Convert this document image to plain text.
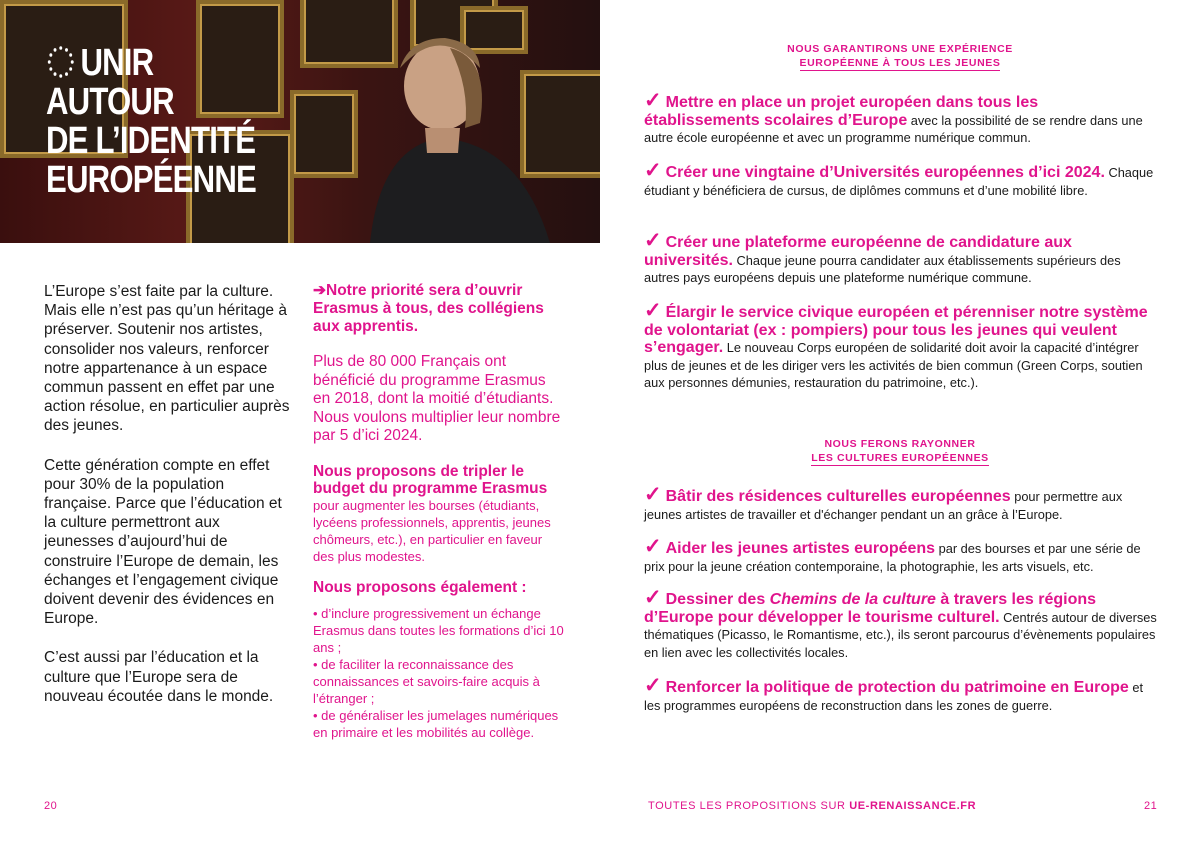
UNIR
AUTOUR
DE L’IDENTITÉ
EUROPÉENNE

L’Europe s’est faite par la culture. Mais elle n’est pas qu’un héritage à préserver. Soutenir nos artistes, consolider nos valeurs, renforcer notre appartenance à un espace commun passent en effet par une action résolue, en particulier auprès des jeunes.

Cette génération compte en effet pour 30% de la population française. Parce que l’éducation et la culture permettront aux jeunesses d’aujourd’hui de construire l’Europe de demain, les échanges et l’engagement civique doivent devenir des évidences en Europe.

C’est aussi par l’éducation et la culture que l’Europe sera de nouveau écoutée dans le monde.

➔Notre priorité sera d’ouvrir Erasmus à tous, des collégiens aux apprentis.

Plus de 80 000 Français ont bénéficié du programme Erasmus en 2018, dont la moitié d’étudiants. Nous voulons multiplier leur nombre par 5 d’ici 2024.

Nous proposons de tripler le budget du programme Erasmus pour augmenter les bourses (étudiants, lycéens professionnels, apprentis, jeunes chômeurs, etc.), en particulier en faveur des plus modestes.

Nous proposons également :

• d’inclure progressivement un échange Erasmus dans toutes les formations d’ici 10 ans ;
• de faciliter la reconnaissance des connaissances et savoirs-faire acquis à l’étranger ;
• de généraliser les jumelages numériques en primaire et les mobilités au collège.
20
NOUS GARANTIRONS UNE EXPÉRIENCE
EUROPÉENNE À TOUS LES JEUNES
✓ Mettre en place un projet européen dans tous les établissements scolaires d’Europe avec la possibilité de se rendre dans une autre école européenne et avec un programme numérique commun.
✓ Créer une vingtaine d’Universités européennes d’ici 2024. Chaque étudiant y bénéficiera de cursus, de diplômes communs et d’une mobilité libre.
✓ Créer une plateforme européenne de candidature aux universités. Chaque jeune pourra candidater aux établissements supérieurs des autres pays européens depuis une plateforme numérique commune.
✓ Élargir le service civique européen et pérenniser notre système de volontariat (ex : pompiers) pour tous les jeunes qui veulent s’engager. Le nouveau Corps européen de solidarité doit avoir la capacité d’intégrer plus de jeunes et de les diriger vers les activités de bien commun (Green Corps, soutien aux personnes démunies, restauration du patrimoine, etc.).
NOUS FERONS RAYONNER
LES CULTURES EUROPÉENNES
✓ Bâtir des résidences culturelles européennes pour permettre aux jeunes artistes de travailler et d'échanger pendant un an grâce à l’Europe.
✓ Aider les jeunes artistes européens par des bourses et par une série de prix pour la jeune création contemporaine, la photographie, les arts visuels, etc.
✓ Dessiner des Chemins de la culture à travers les régions d’Europe pour développer le tourisme culturel. Centrés autour de diverses thématiques (Picasso, le Romantisme, etc.), ils seront parcourus d’évènements populaires en lien avec les collectivités locales.
✓ Renforcer la politique de protection du patrimoine en Europe et les programmes européens de reconstruction dans les zones de guerre.
TOUTES LES PROPOSITIONS SUR UE-RENAISSANCE.FR	21
